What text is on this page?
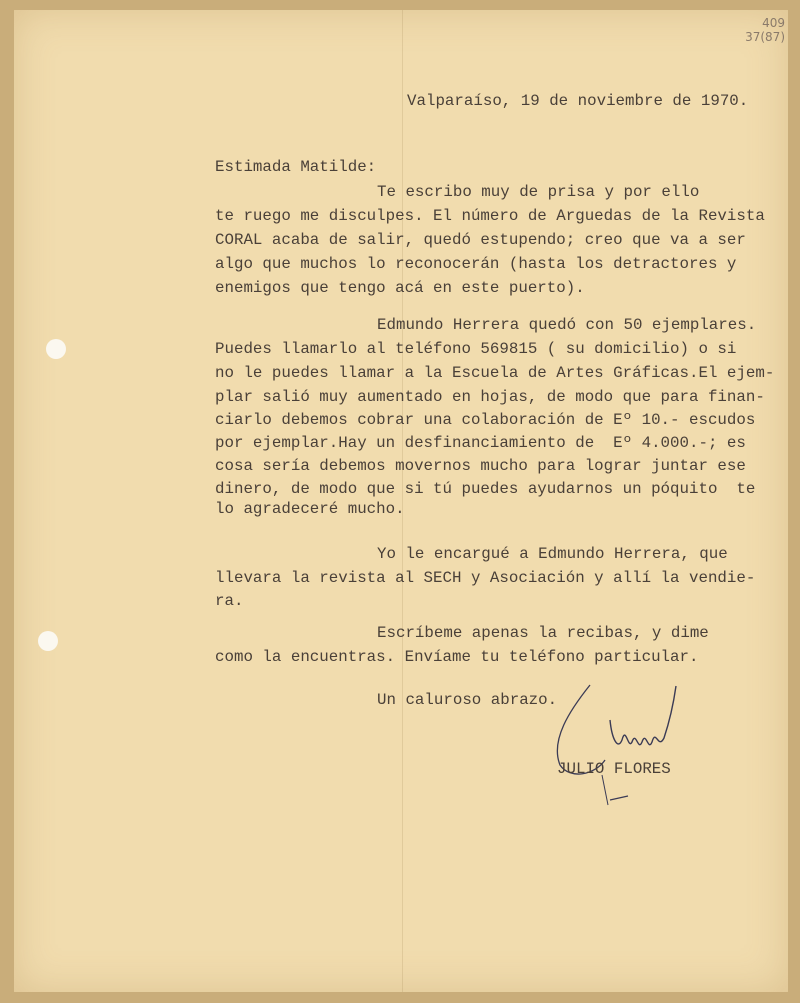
409
37(87)
Valparaíso, 19 de noviembre de 1970.
Estimada Matilde:
Te escribo muy de prisa y por ello
te ruego me disculpes. El número de Arguedas de la Revista
CORAL acaba de salir, quedó estupendo; creo que va a ser
algo que muchos lo reconocerán (hasta los detractores y
enemigos que tengo acá en este puerto).
Edmundo Herrera quedó con 50 ejemplares.
Puedes llamarlo al teléfono 569815 ( su domicilio) o si
no le puedes llamar a la Escuela de Artes Gráficas.El ejem-
plar salió muy aumentado en hojas, de modo que para finan-
ciarlo debemos cobrar una colaboración de Eº 10.- escudos
por ejemplar.Hay un desfinanciamiento de  Eº 4.000.-; es
cosa sería debemos movernos mucho para lograr juntar ese
dinero, de modo que si tú puedes ayudarnos un póquito  te
lo agradeceré mucho.
Yo le encargué a Edmundo Herrera, que
llevara la revista al SECH y Asociación y allí la vendie-
ra.
Escríbeme apenas la recibas, y dime
como la encuentras. Envíame tu teléfono particular.
Un caluroso abrazo.
JULIO FLORES
